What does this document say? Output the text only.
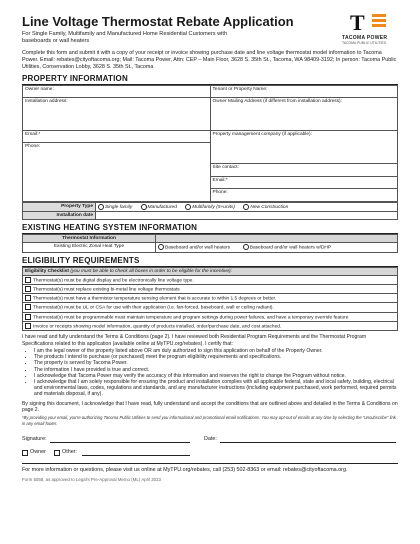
T
TACOMA POWER
TACOMA PUBLIC UTILITIES
Line Voltage Thermostat Rebate Application
For Single Family, Multifamily and Manufactured Home Residential Customers with baseboards or wall heaters
Complete this form and submit it with a copy of your receipt or invoice showing purchase date and line voltage thermostat model information to Tacoma Power. Email: rebates@cityoftacoma.org; Mail: Tacoma Power, Attn: CEP – Main Floor, 3628 S. 35th St., Tacoma, WA 98409-3192; In person: Tacoma Public Utilities, Conservation Lobby, 3628 S. 35th St., Tacoma
PROPERTY INFORMATION
Owner name:	Tenant or Property Name:
Installation address:	Owner Mailing Address (if different from installation address):

Email:*
Phone:	Property management company (if applicable):
	Site contact:
	Email:*
	Phone:
Property Type	Single family Manufactured Multifamily (5+units) New Construction
Installation date	
EXISTING HEATING SYSTEM INFORMATION
Thermostat Information	
Existing Electric Zonal Heat Type	Baseboard and/or wall heaters Baseboard and/or wall heaters w/DHP
ELIGIBILITY REQUIREMENTS
Eligibility Checklist (you must be able to check all boxes in order to be eligible for the incentive):
Thermostat(s) must be digital display and be electronically line voltage type.
Thermostat(s) must replace existing bi-metal line voltage thermostats
Thermostat(s) must have a thermistor temperature sensing element that is accurate to within 1.5 degrees or better.
Thermostat(s) must be UL or CSA for use with their application (i.e. fan-forced, baseboard, wall or ceiling radiant).
Thermostat(s) must be programmable must maintain temperature and program settings during power failures, and have a temporary override feature
Invoice or receipts showing model information, quantity of products installed, order/purchase date, and cost attached.
I have read and fully understand the Terms & Conditions (page 2). I have reviewed both Residential Program Requirements and the Thermostat Program Specifications related to this application (available online at MyTPU.org/rebates). I certify that:
• I am the legal owner of the property listed above OR am duly authorized to sign this application on behalf of the Property Owner.
• The products I intend to purchase (or purchased) meet the program eligibility requirements and specifications.
• The property is served by Tacoma Power.
• The information I have provided is true and correct.
• I acknowledge that Tacoma Power may verify the accuracy of this information and reserves the right to change the Program without notice.
• I acknowledge that I am solely responsible for ensuring the product and installation complies with all applicable federal, state and local safety, building, electrical and environmental laws, codes, regulations and standards, and any manufacturer instructions (including equipment purchased, work performed, required permits and materials disposal, if any).
By signing this document, I acknowledge that I have read, fully understand and accept the conditions that are outlined above and detailed in the Terms & Conditions on page 2.
*By providing your email, you're authorizing Tacoma Public Utilities to send you informational and promotional email notifications. You may opt-out of emails at any time by selecting the "unsubscribe" link in any email footer.
Signature:	Date:
Owner	Other:
For more information or questions, please visit us online at MyTPU.org/rebates, call (253) 502-8363 or email: rebates@cityoftacoma.org.
Form 5058, as approved to Legal's Pre-Approval Memo (ML) April 2023
